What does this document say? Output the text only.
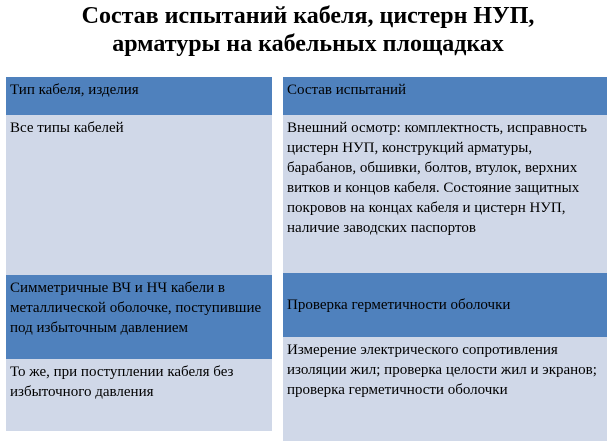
Состав испытаний кабеля, цистерн НУП,
арматуры на кабельных площадках
Тип кабеля, изделия
Все типы кабелей
Симметричные ВЧ и НЧ кабели в металлической оболочке, поступившие под избыточным давлением
То же, при поступлении кабеля без избыточного давления
Состав испытаний
Внешний осмотр: комплектность, исправность цистерн НУП, конструкций арматуры, барабанов, обшивки, болтов, втулок, верхних витков и концов кабеля. Состояние защитных покровов на концах кабеля и цистерн НУП, наличие заводских паспортов
Проверка герметичности оболочки
Измерение электрического сопротивления изоляции жил; проверка целости жил и экранов; проверка герметичности оболочки
